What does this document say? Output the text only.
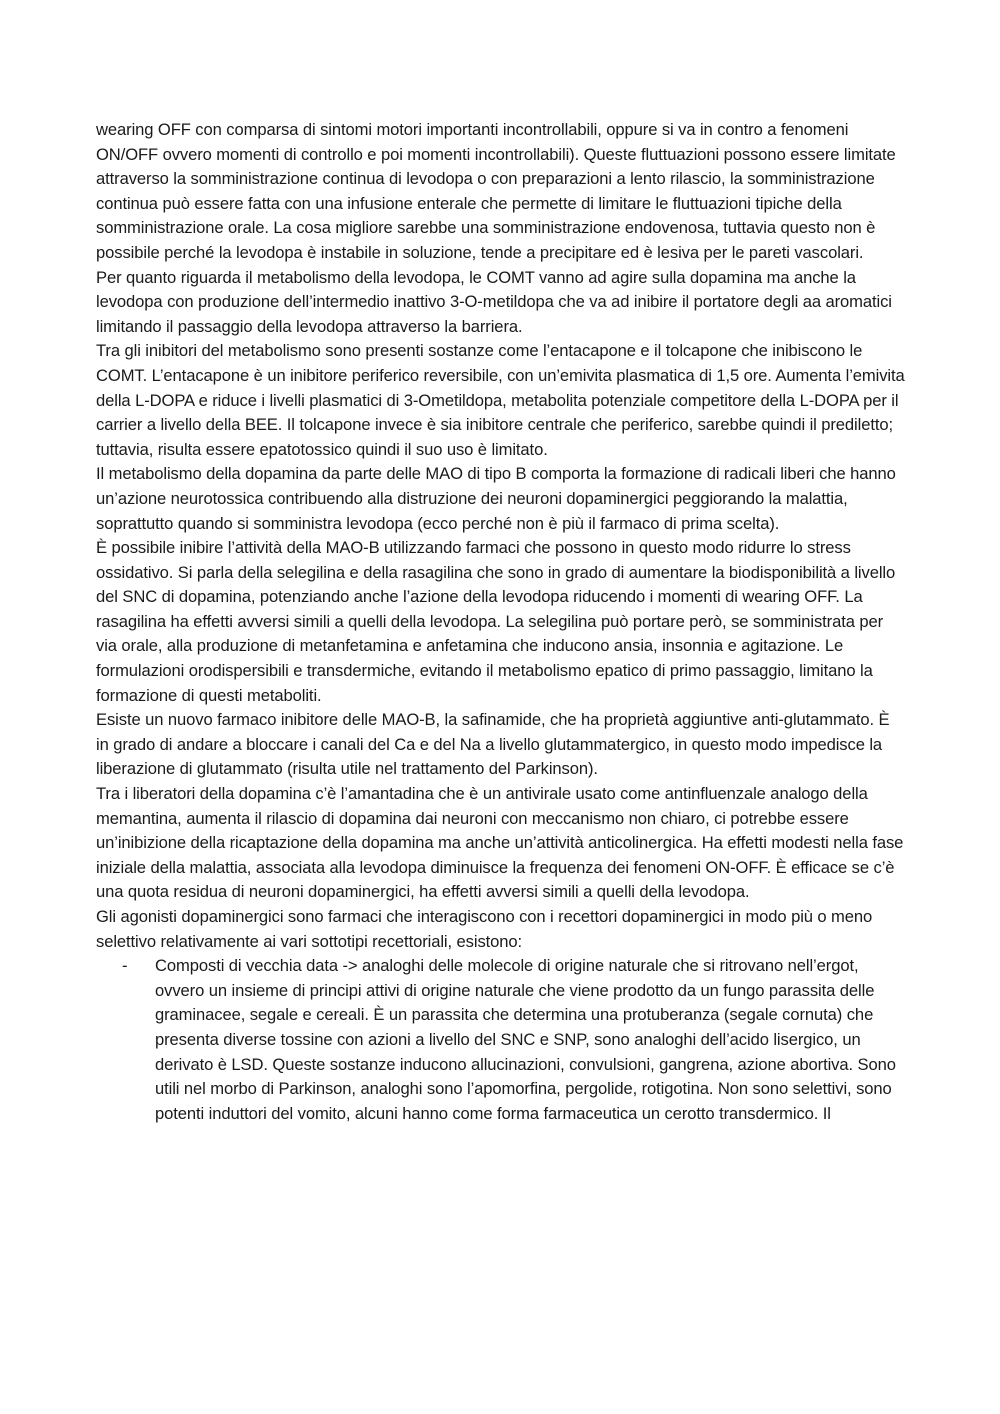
wearing OFF con comparsa di sintomi motori importanti incontrollabili, oppure si va in contro a fenomeni ON/OFF ovvero momenti di controllo e poi momenti incontrollabili). Queste fluttuazioni possono essere limitate attraverso la somministrazione continua di levodopa o con preparazioni a lento rilascio, la somministrazione continua può essere fatta con una infusione enterale che permette di limitare le fluttuazioni tipiche della somministrazione orale. La cosa migliore sarebbe una somministrazione endovenosa, tuttavia questo non è possibile perché la levodopa è instabile in soluzione, tende a precipitare ed è lesiva per le pareti vascolari.

Per quanto riguarda il metabolismo della levodopa, le COMT vanno ad agire sulla dopamina ma anche la levodopa con produzione dell’intermedio inattivo 3-O-metildopa che va ad inibire il portatore degli aa aromatici limitando il passaggio della levodopa attraverso la barriera.

Tra gli inibitori del metabolismo sono presenti sostanze come l’entacapone e il tolcapone che inibiscono le COMT. L’entacapone è un inibitore periferico reversibile, con un’emivita plasmatica di 1,5 ore. Aumenta l’emivita della L-DOPA e riduce i livelli plasmatici di 3-Ometildopa, metabolita potenziale competitore della L-DOPA per il carrier a livello della BEE. Il tolcapone invece è sia inibitore centrale che periferico, sarebbe quindi il prediletto; tuttavia, risulta essere epatotossico quindi il suo uso è limitato.

Il metabolismo della dopamina da parte delle MAO di tipo B comporta la formazione di radicali liberi che hanno un’azione neurotossica contribuendo alla distruzione dei neuroni dopaminergici peggiorando la malattia, soprattutto quando si somministra levodopa (ecco perché non è più il farmaco di prima scelta).

È possibile inibire l’attività della MAO-B utilizzando farmaci che possono in questo modo ridurre lo stress ossidativo. Si parla della selegilina e della rasagilina che sono in grado di aumentare la biodisponibilità a livello del SNC di dopamina, potenziando anche l’azione della levodopa riducendo i momenti di wearing OFF. La rasagilina ha effetti avversi simili a quelli della levodopa. La selegilina può portare però, se somministrata per via orale, alla produzione di metanfetamina e anfetamina che inducono ansia, insonnia e agitazione. Le formulazioni orodispersibili e transdermiche, evitando il metabolismo epatico di primo passaggio, limitano la formazione di questi metaboliti.

Esiste un nuovo farmaco inibitore delle MAO-B, la safinamide, che ha proprietà aggiuntive anti-glutammato. È in grado di andare a bloccare i canali del Ca e del Na a livello glutammatergico, in questo modo impedisce la liberazione di glutammato (risulta utile nel trattamento del Parkinson).

Tra i liberatori della dopamina c’è l’amantadina che è un antivirale usato come antinfluenzale analogo della memantina, aumenta il rilascio di dopamina dai neuroni con meccanismo non chiaro, ci potrebbe essere un’inibizione della ricaptazione della dopamina ma anche un’attività anticolinergica. Ha effetti modesti nella fase iniziale della malattia, associata alla levodopa diminuisce la frequenza dei fenomeni ON-OFF. È efficace se c’è una quota residua di neuroni dopaminergici, ha effetti avversi simili a quelli della levodopa.

Gli agonisti dopaminergici sono farmaci che interagiscono con i recettori dopaminergici in modo più o meno selettivo relativamente ai vari sottotipi recettoriali, esistono:

- Composti di vecchia data -> analoghi delle molecole di origine naturale che si ritrovano nell’ergot, ovvero un insieme di principi attivi di origine naturale che viene prodotto da un fungo parassita delle graminacee, segale e cereali. È un parassita che determina una protuberanza (segale cornuta) che presenta diverse tossine con azioni a livello del SNC e SNP, sono analoghi dell’acido lisergico, un derivato è LSD. Queste sostanze inducono allucinazioni, convulsioni, gangrena, azione abortiva. Sono utili nel morbo di Parkinson, analoghi sono l’apomorfina, pergolide, rotigotina. Non sono selettivi, sono potenti induttori del vomito, alcuni hanno come forma farmaceutica un cerotto transdermico. Il
